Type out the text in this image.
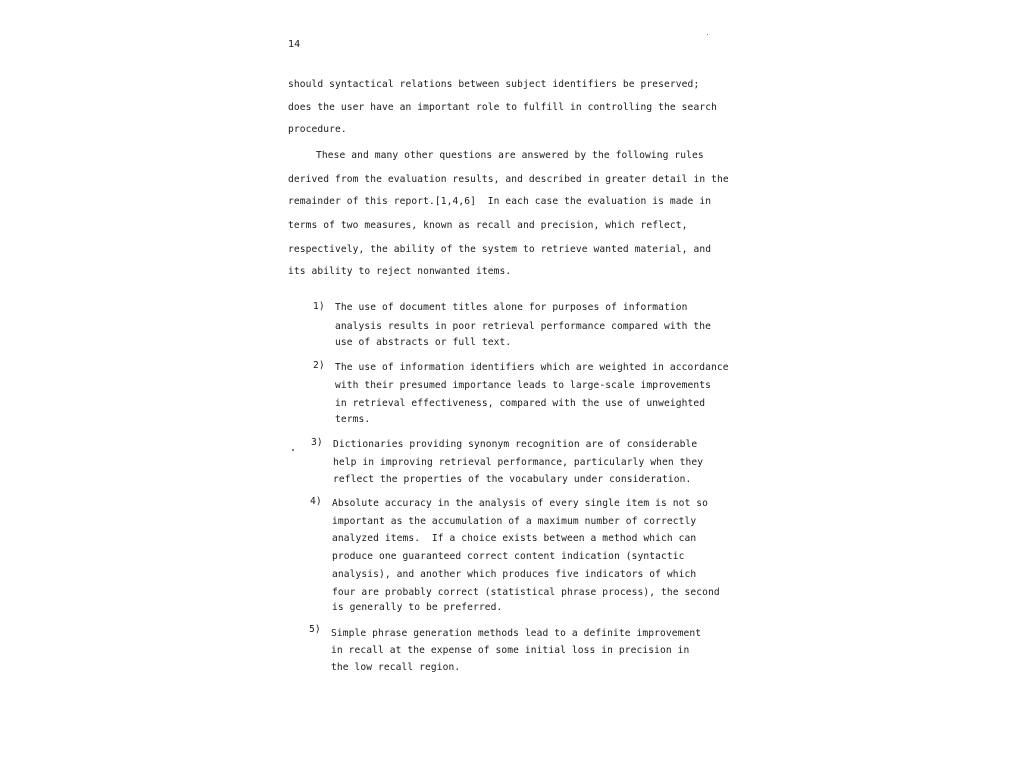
14
should syntactical relations between subject identifiers be preserved;
does the user have an important role to fulfill in controlling the search
procedure.
These and many other questions are answered by the following rules
derived from the evaluation results, and described in greater detail in the
remainder of this report.[1,4,6]  In each case the evaluation is made in
terms of two measures, known as recall and precision, which reflect,
respectively, the ability of the system to retrieve wanted material, and
its ability to reject nonwanted items.
1) The use of document titles alone for purposes of information
analysis results in poor retrieval performance compared with the
use of abstracts or full text.
2) The use of information identifiers which are weighted in accordance
with their presumed importance leads to large-scale improvements
in retrieval effectiveness, compared with the use of unweighted
terms.
3) Dictionaries providing synonym recognition are of considerable
help in improving retrieval performance, particularly when they
reflect the properties of the vocabulary under consideration.
4) Absolute accuracy in the analysis of every single item is not so
important as the accumulation of a maximum number of correctly
analyzed items.  If a choice exists between a method which can
produce one guaranteed correct content indication (syntactic
analysis), and another which produces five indicators of which
four are probably correct (statistical phrase process), the second
is generally to be preferred.
5) Simple phrase generation methods lead to a definite improvement
in recall at the expense of some initial loss in precision in
the low recall region.
